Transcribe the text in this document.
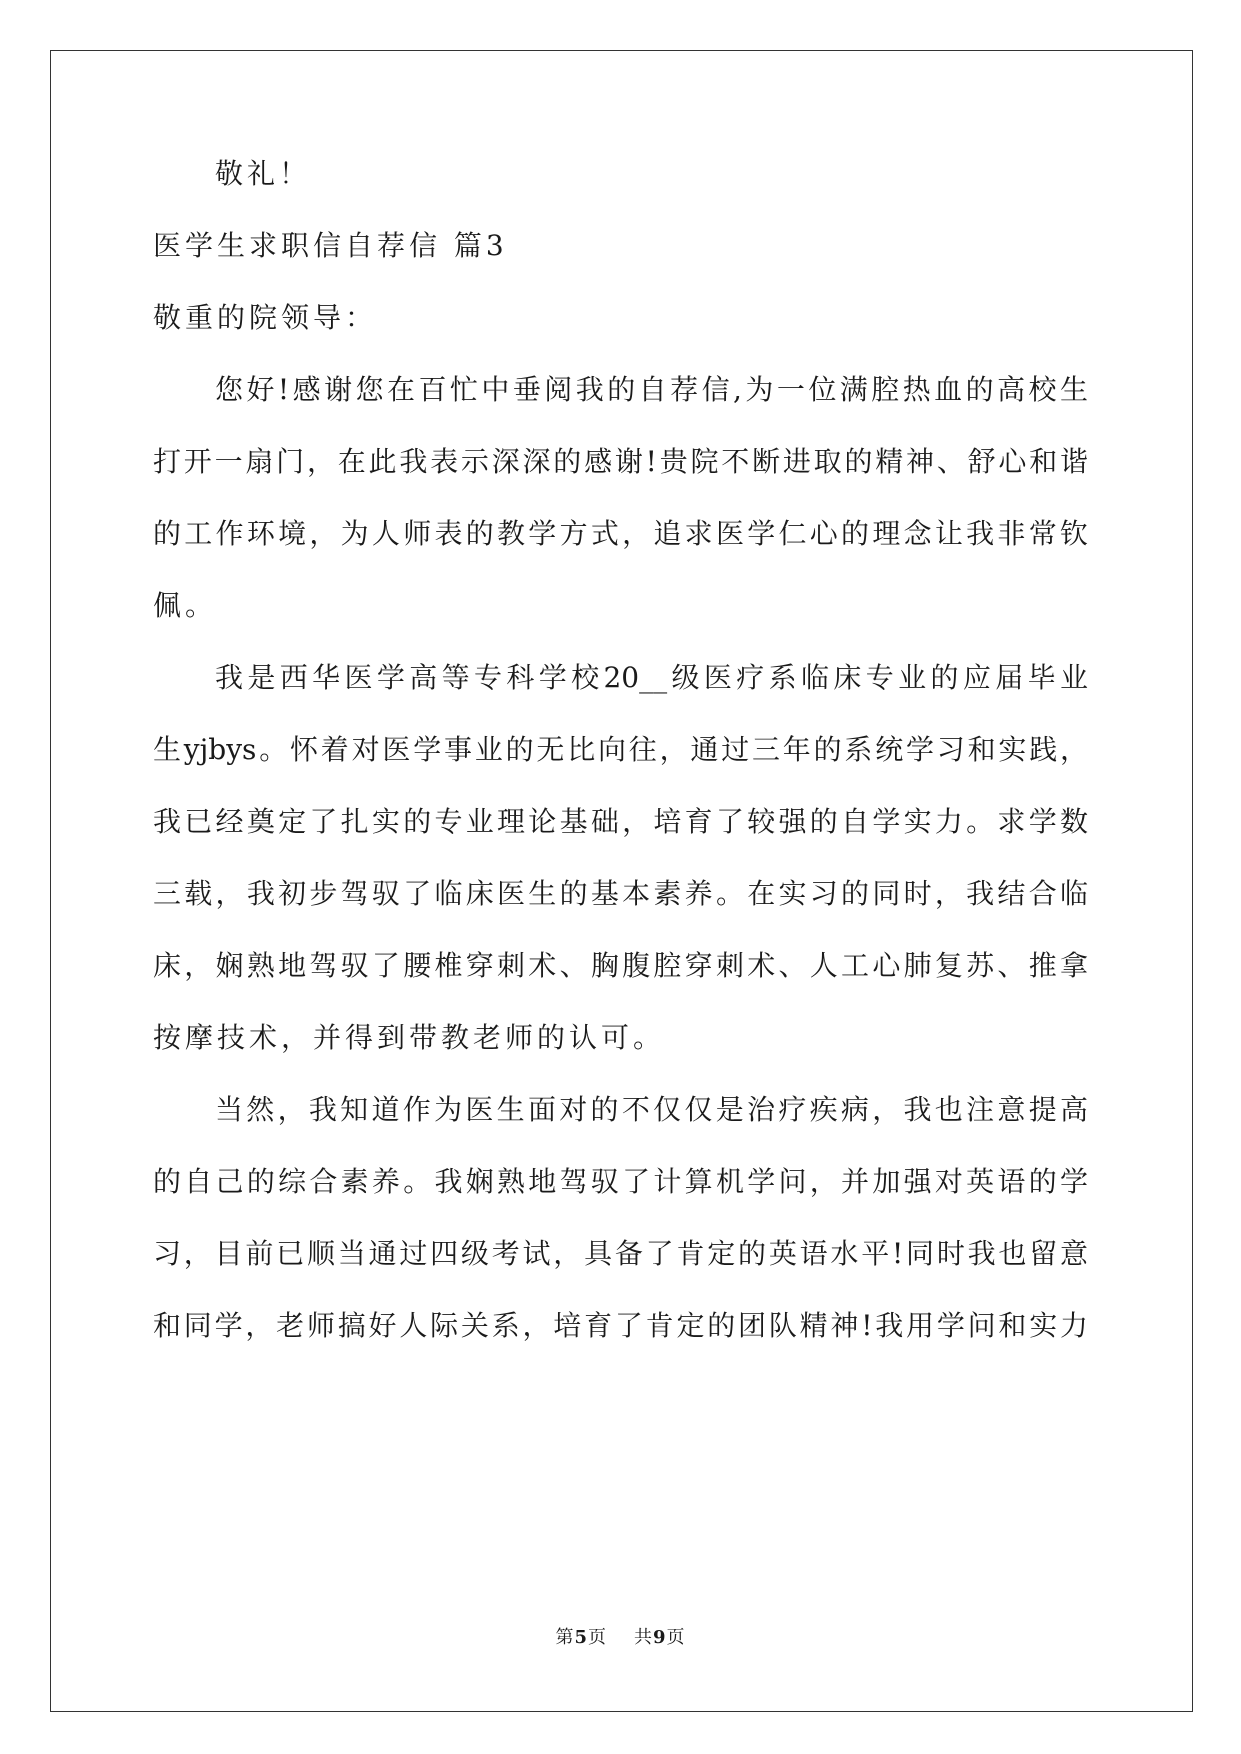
敬礼！
医学生求职信自荐信 篇3
敬重的院领导：
您好!感谢您在百忙中垂阅我的自荐信,为一位满腔热血的高校生
打开一扇门，在此我表示深深的感谢!贵院不断进取的精神、舒心和谐
的工作环境，为人师表的教学方式，追求医学仁心的理念让我非常钦
佩。
我是西华医学高等专科学校20__级医疗系临床专业的应届毕业
生yjbys。怀着对医学事业的无比向往，通过三年的系统学习和实践，
我已经奠定了扎实的专业理论基础，培育了较强的自学实力。求学数
三载，我初步驾驭了临床医生的基本素养。在实习的同时，我结合临
床，娴熟地驾驭了腰椎穿刺术、胸腹腔穿刺术、人工心肺复苏、推拿
按摩技术，并得到带教老师的认可。
当然，我知道作为医生面对的不仅仅是治疗疾病，我也注意提高
的自己的综合素养。我娴熟地驾驭了计算机学问，并加强对英语的学
习，目前已顺当通过四级考试，具备了肯定的英语水平!同时我也留意
和同学，老师搞好人际关系，培育了肯定的团队精神!我用学问和实力
第5页 共9页
